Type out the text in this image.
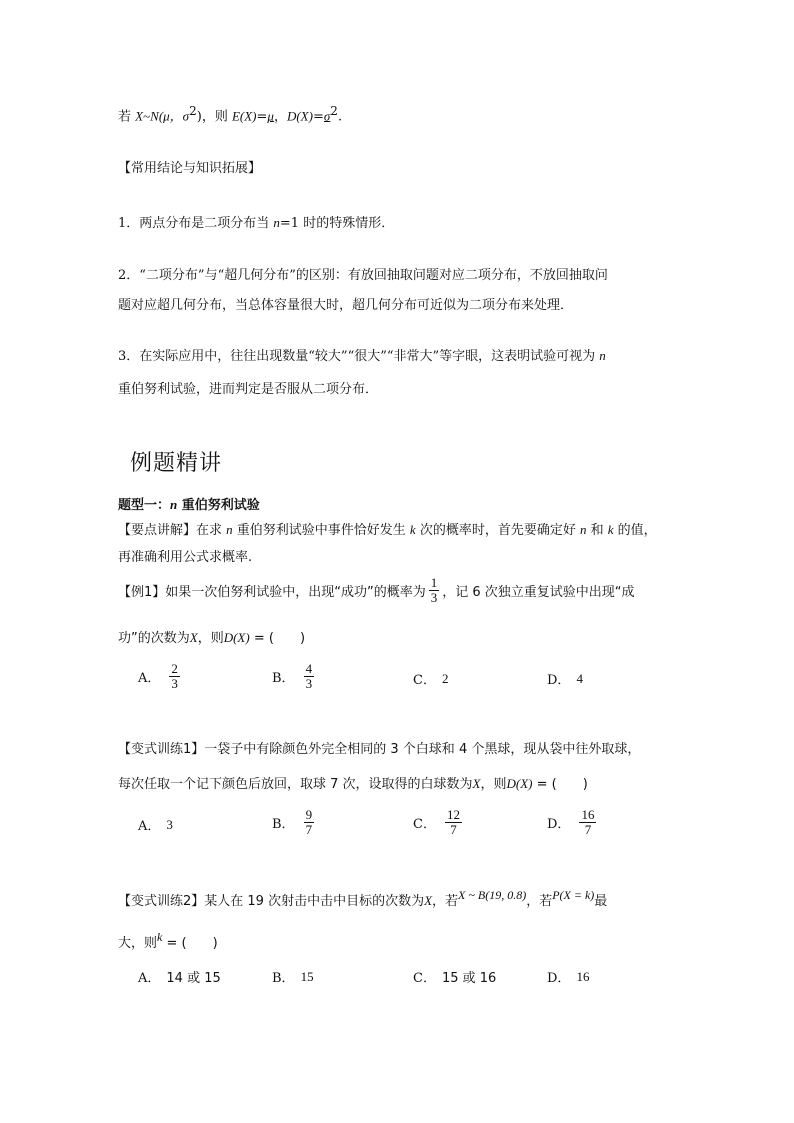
若 X~N(μ，$\sigma^2$)，则 E(X)=μ，$D(X)=\sigma^2$.
【常用结论与知识拓展】
1．两点分布是二项分布当 n=1 时的特殊情形．
2．“二项分布”与“超几何分布”的区别：有放回抽取问题对应二项分布，不放回抽取问
题对应超几何分布，当总体容量很大时，超几何分布可近似为二项分布来处理．
3．在实际应用中，往往出现数量“较大”“很大”“非常大”等字眼，这表明试验可视为 n
重伯努利试验，进而判定是否服从二项分布．
例题精讲
题型一：n 重伯努利试验
【要点讲解】在求 n 重伯努利试验中事件恰好发生 k 次的概率时，首先要确定好 n 和 k 的值，
再准确利用公式求概率.
【例1】如果一次伯努利试验中，出现“成功”的概率为 $\frac{1}{3}$ ，记 6 次独立重复试验中出现“成
功”的次数为X，则D(X) = (　　)
A． $\frac{2}{3}$	B． $\frac{4}{3}$	C． 2	D． 4
【变式训练1】一袋子中有除颜色外完全相同的 3 个白球和 4 个黑球，现从袋中往外取球，
每次任取一个记下颜色后放回，取球 7 次，设取得的白球数为X，则D(X) = (　　)
A． 3	B． $\frac{9}{7}$	C． $\frac{12}{7}$	D． $\frac{16}{7}$
【变式训练2】某人在 19 次射击中击中目标的次数为X，若X ~ B(19, 0.8)，若P(X = k)最
大，则k = (　　)
A． 14 或 15	B． 15	C． 15 或 16	D． 16
